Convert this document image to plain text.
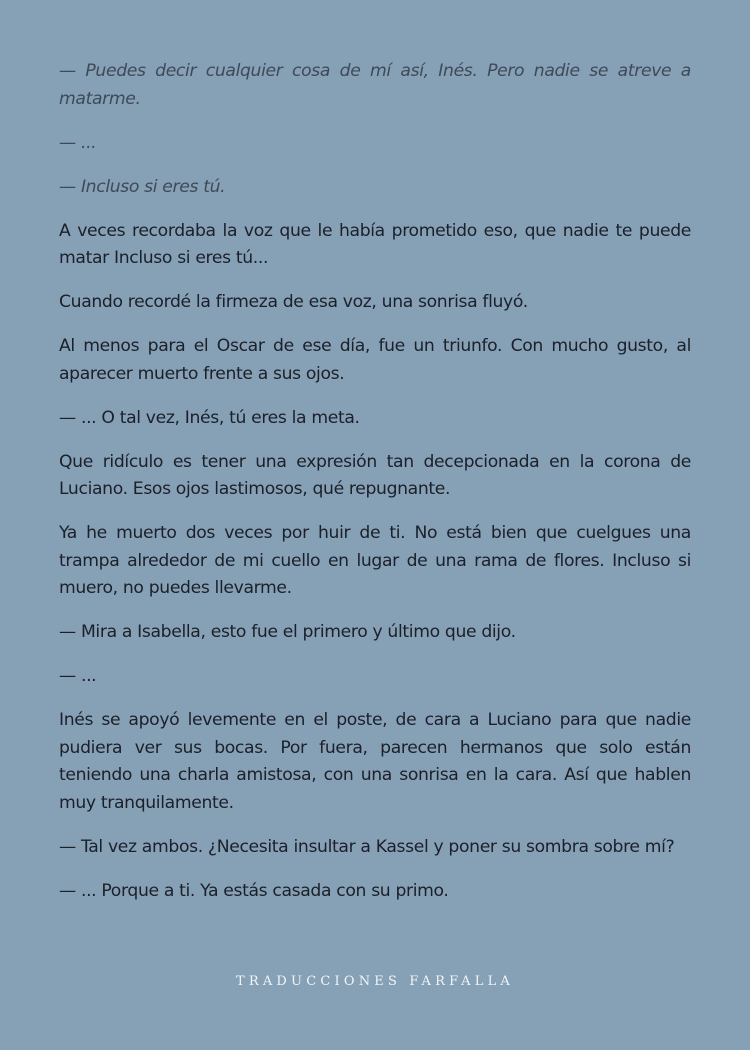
— Puedes decir cualquier cosa de mí así, Inés. Pero nadie se atreve a matarme.

— ...

— Incluso si eres tú.

A veces recordaba la voz que le había prometido eso, que nadie te puede matar Incluso si eres tú...

Cuando recordé la firmeza de esa voz, una sonrisa fluyó.

Al menos para el Oscar de ese día, fue un triunfo. Con mucho gusto, al aparecer muerto frente a sus ojos.

— ... O tal vez, Inés, tú eres la meta.

Que ridículo es tener una expresión tan decepcionada en la corona de Luciano. Esos ojos lastimosos, qué repugnante.

Ya he muerto dos veces por huir de ti. No está bien que cuelgues una trampa alrededor de mi cuello en lugar de una rama de flores. Incluso si muero, no puedes llevarme.

— Mira a Isabella, esto fue el primero y último que dijo.

— ...

Inés se apoyó levemente en el poste, de cara a Luciano para que nadie pudiera ver sus bocas. Por fuera, parecen hermanos que solo están teniendo una charla amistosa, con una sonrisa en la cara. Así que hablen muy tranquilamente.

— Tal vez ambos. ¿Necesita insultar a Kassel y poner su sombra sobre mí?

— ... Porque a ti. Ya estás casada con su primo.

TRADUCCIONES FARFALLA
